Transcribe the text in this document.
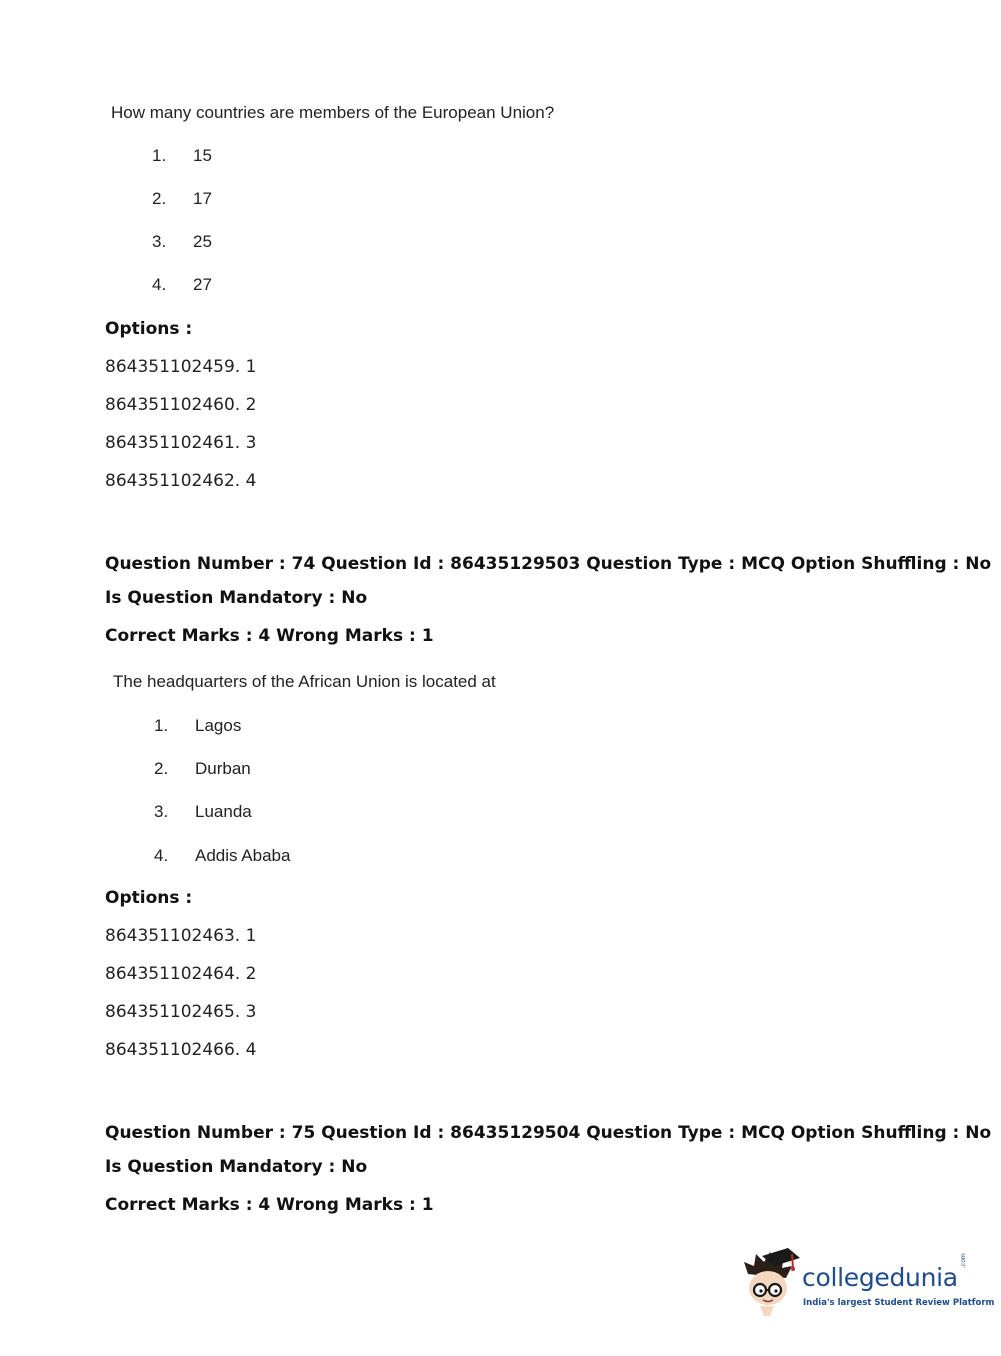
How many countries are members of the European Union?
1. 15
2. 17
3. 25
4. 27
Options :
864351102459. 1
864351102460. 2
864351102461. 3
864351102462. 4
Question Number : 74 Question Id : 86435129503 Question Type : MCQ Option Shuffling : No
Is Question Mandatory : No
Correct Marks : 4 Wrong Marks : 1
The headquarters of the African Union is located at
1. Lagos
2. Durban
3. Luanda
4. Addis Ababa
Options :
864351102463. 1
864351102464. 2
864351102465. 3
864351102466. 4
Question Number : 75 Question Id : 86435129504 Question Type : MCQ Option Shuffling : No
Is Question Mandatory : No
Correct Marks : 4 Wrong Marks : 1
collegedunia
.com
India's largest Student Review Platform
